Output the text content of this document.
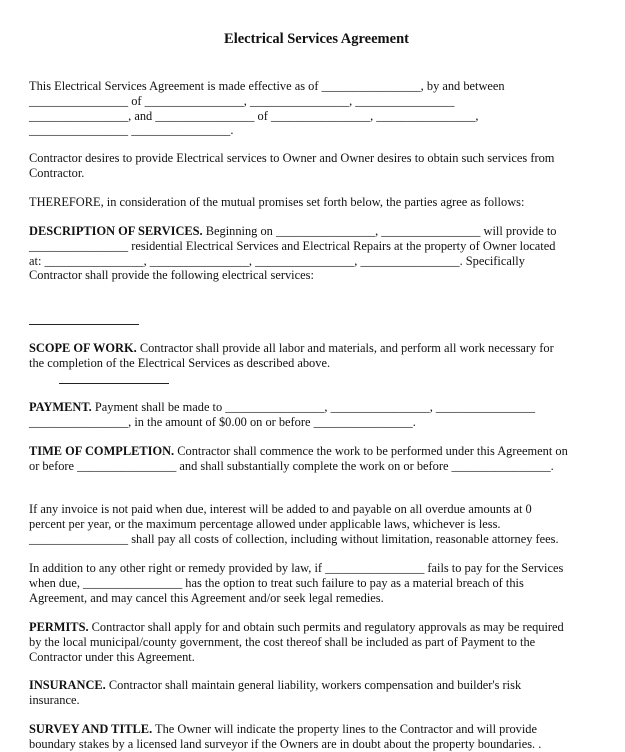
Electrical Services Agreement

This Electrical Services Agreement is made effective as of ________________, by and between
________________ of ________________, ________________, ________________
________________, and ________________ of ________________, ________________,
________________ ________________.

Contractor desires to provide Electrical services to Owner and Owner desires to obtain such services from
Contractor.

THEREFORE, in consideration of the mutual promises set forth below, the parties agree as follows:

DESCRIPTION OF SERVICES. Beginning on ________________, ________________ will provide to
________________ residential Electrical Services and Electrical Repairs at the property of Owner located
at: ________________, ________________, ________________, ________________. Specifically
Contractor shall provide the following electrical services:

SCOPE OF WORK. Contractor shall provide all labor and materials, and perform all work necessary for
the completion of the Electrical Services as described above.

PAYMENT. Payment shall be made to ________________, ________________, ________________
________________, in the amount of $0.00 on or before ________________.

TIME OF COMPLETION. Contractor shall commence the work to be performed under this Agreement on
or before ________________ and shall substantially complete the work on or before ________________.

If any invoice is not paid when due, interest will be added to and payable on all overdue amounts at 0
percent per year, or the maximum percentage allowed under applicable laws, whichever is less.
________________ shall pay all costs of collection, including without limitation, reasonable attorney fees.

In addition to any other right or remedy provided by law, if ________________ fails to pay for the Services
when due, ________________ has the option to treat such failure to pay as a material breach of this
Agreement, and may cancel this Agreement and/or seek legal remedies.

PERMITS. Contractor shall apply for and obtain such permits and regulatory approvals as may be required
by the local municipal/county government, the cost thereof shall be included as part of Payment to the
Contractor under this Agreement.

INSURANCE. Contractor shall maintain general liability, workers compensation and builder's risk
insurance.

SURVEY AND TITLE. The Owner will indicate the property lines to the Contractor and will provide
boundary stakes by a licensed land surveyor if the Owners are in doubt about the property boundaries. .
